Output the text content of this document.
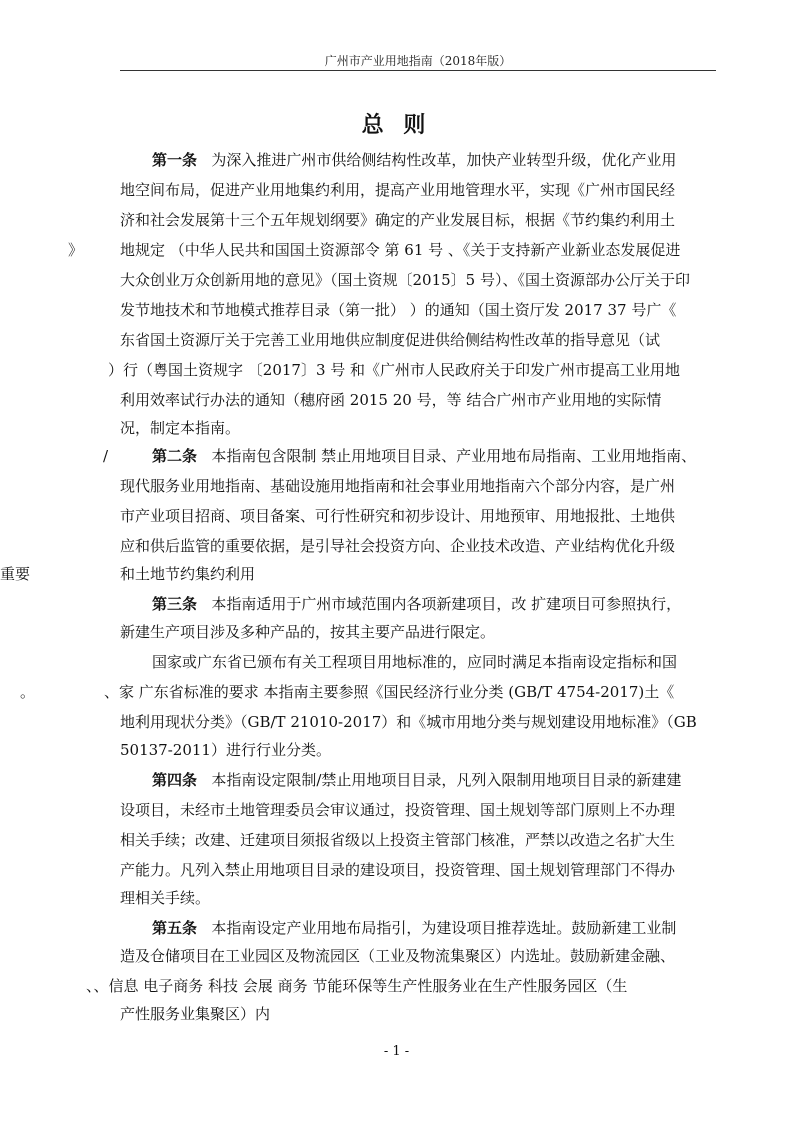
广州市产业用地指南（2018年版）
总 则
第一条 为深入推进广州市供给侧结构性改革，加快产业转型升级，优化产业用
地空间布局，促进产业用地集约利用，提高产业用地管理水平，实现《广州市国民经
济和社会发展第十三个五年规划纲要》确定的产业发展目标，根据《节约集约利用土
》 地规定 （中华人民共和国国土资源部令 第 61 号 、《关于支持新产业新业态发展促进
大众创业万众创新用地的意见》（国土资规〔2015〕5 号）、《国土资源部办公厅关于印
发节地技术和节地模式推荐目录（第一批） ）的通知（国土资厅发 2017 37 号广《
东省国土资源厅关于完善工业用地供应制度促进供给侧结构性改革的指导意见（试
）行（粤国土资规字 〔2017〕3 号 和《广州市人民政府关于印发广州市提高工业用地
利用效率试行办法的通知（穗府函 2015 20 号，等 结合广州市产业用地的实际情
况，制定本指南。
/	第二条 本指南包含限制 禁止用地项目目录、产业用地布局指南、工业用地指南、
现代服务业用地指南、基础设施用地指南和社会事业用地指南六个部分内容，是广州
市产业项目招商、项目备案、可行性研究和初步设计、用地预审、用地报批、土地供
应和供后监管的重要依据，是引导社会投资方向、企业技术改造、产业结构优化升级
重要	和土地节约集约利用
第三条 本指南适用于广州市域范围内各项新建项目，改 扩建项目可参照执行，
新建生产项目涉及多种产品的，按其主要产品进行限定。
国家或广东省已颁布有关工程项目用地标准的，应同时满足本指南设定指标和国
。	、家 广东省标准的要求 本指南主要参照《国民经济行业分类 (GB/T 4754-2017)土《
地利用现状分类》（GB/T 21010-2017）和《城市用地分类与规划建设用地标准》（GB
50137-2011）进行行业分类。
第四条 本指南设定限制/禁止用地项目目录，凡列入限制用地项目目录的新建建
设项目，未经市土地管理委员会审议通过，投资管理、国土规划等部门原则上不办理
相关手续；改建、迁建项目须报省级以上投资主管部门核准，严禁以改造之名扩大生
产能力。凡列入禁止用地项目目录的建设项目，投资管理、国土规划管理部门不得办
理相关手续。
第五条 本指南设定产业用地布局指引，为建设项目推荐选址。鼓励新建工业制
造及仓储项目在工业园区及物流园区（工业及物流集聚区）内选址。鼓励新建金融、
、、信息 电子商务 科技 会展 商务 节能环保等生产性服务业在生产性服务园区（生
产性服务业集聚区）内
- 1 -
